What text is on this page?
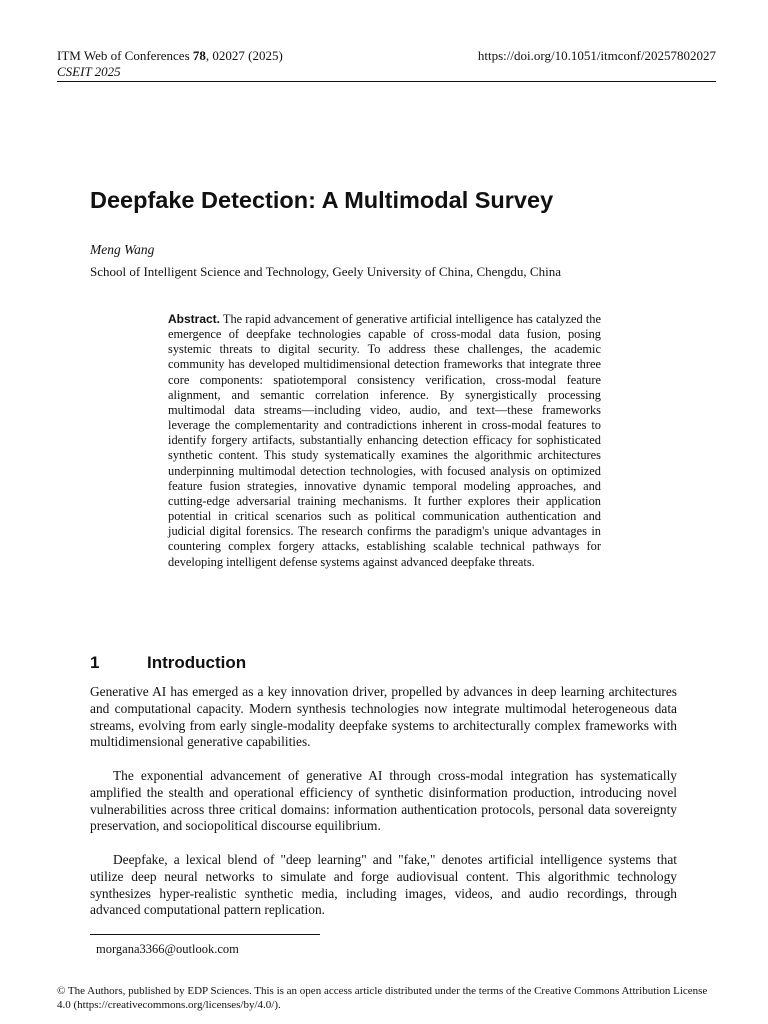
ITM Web of Conferences 78, 02027 (2025)
CSEIT 2025
https://doi.org/10.1051/itmconf/20257802027
Deepfake Detection: A Multimodal Survey
Meng Wang
School of Intelligent Science and Technology, Geely University of China, Chengdu, China

Abstract. The rapid advancement of generative artificial intelligence has catalyzed the emergence of deepfake technologies capable of cross-modal data fusion, posing systemic threats to digital security. To address these challenges, the academic community has developed multidimensional detection frameworks that integrate three core components: spatiotemporal consistency verification, cross-modal feature alignment, and semantic correlation inference. By synergistically processing multimodal data streams—including video, audio, and text—these frameworks leverage the complementarity and contradictions inherent in cross-modal features to identify forgery artifacts, substantially enhancing detection efficacy for sophisticated synthetic content. This study systematically examines the algorithmic architectures underpinning multimodal detection technologies, with focused analysis on optimized feature fusion strategies, innovative dynamic temporal modeling approaches, and cutting-edge adversarial training mechanisms. It further explores their application potential in critical scenarios such as political communication authentication and judicial digital forensics. The research confirms the paradigm's unique advantages in countering complex forgery attacks, establishing scalable technical pathways for developing intelligent defense systems against advanced deepfake threats.

1	Introduction

Generative AI has emerged as a key innovation driver, propelled by advances in deep learning architectures and computational capacity. Modern synthesis technologies now integrate multimodal heterogeneous data streams, evolving from early single-modality deepfake systems to architecturally complex frameworks with multidimensional generative capabilities.

The exponential advancement of generative AI through cross-modal integration has systematically amplified the stealth and operational efficiency of synthetic disinformation production, introducing novel vulnerabilities across three critical domains: information authentication protocols, personal data sovereignty preservation, and sociopolitical discourse equilibrium.

Deepfake, a lexical blend of "deep learning" and "fake," denotes artificial intelligence systems that utilize deep neural networks to simulate and forge audiovisual content. This algorithmic technology synthesizes hyper-realistic synthetic media, including images, videos, and audio recordings, through advanced computational pattern replication.

morgana3366@outlook.com

© The Authors, published by EDP Sciences. This is an open access article distributed under the terms of the Creative Commons Attribution License 4.0 (https://creativecommons.org/licenses/by/4.0/).
